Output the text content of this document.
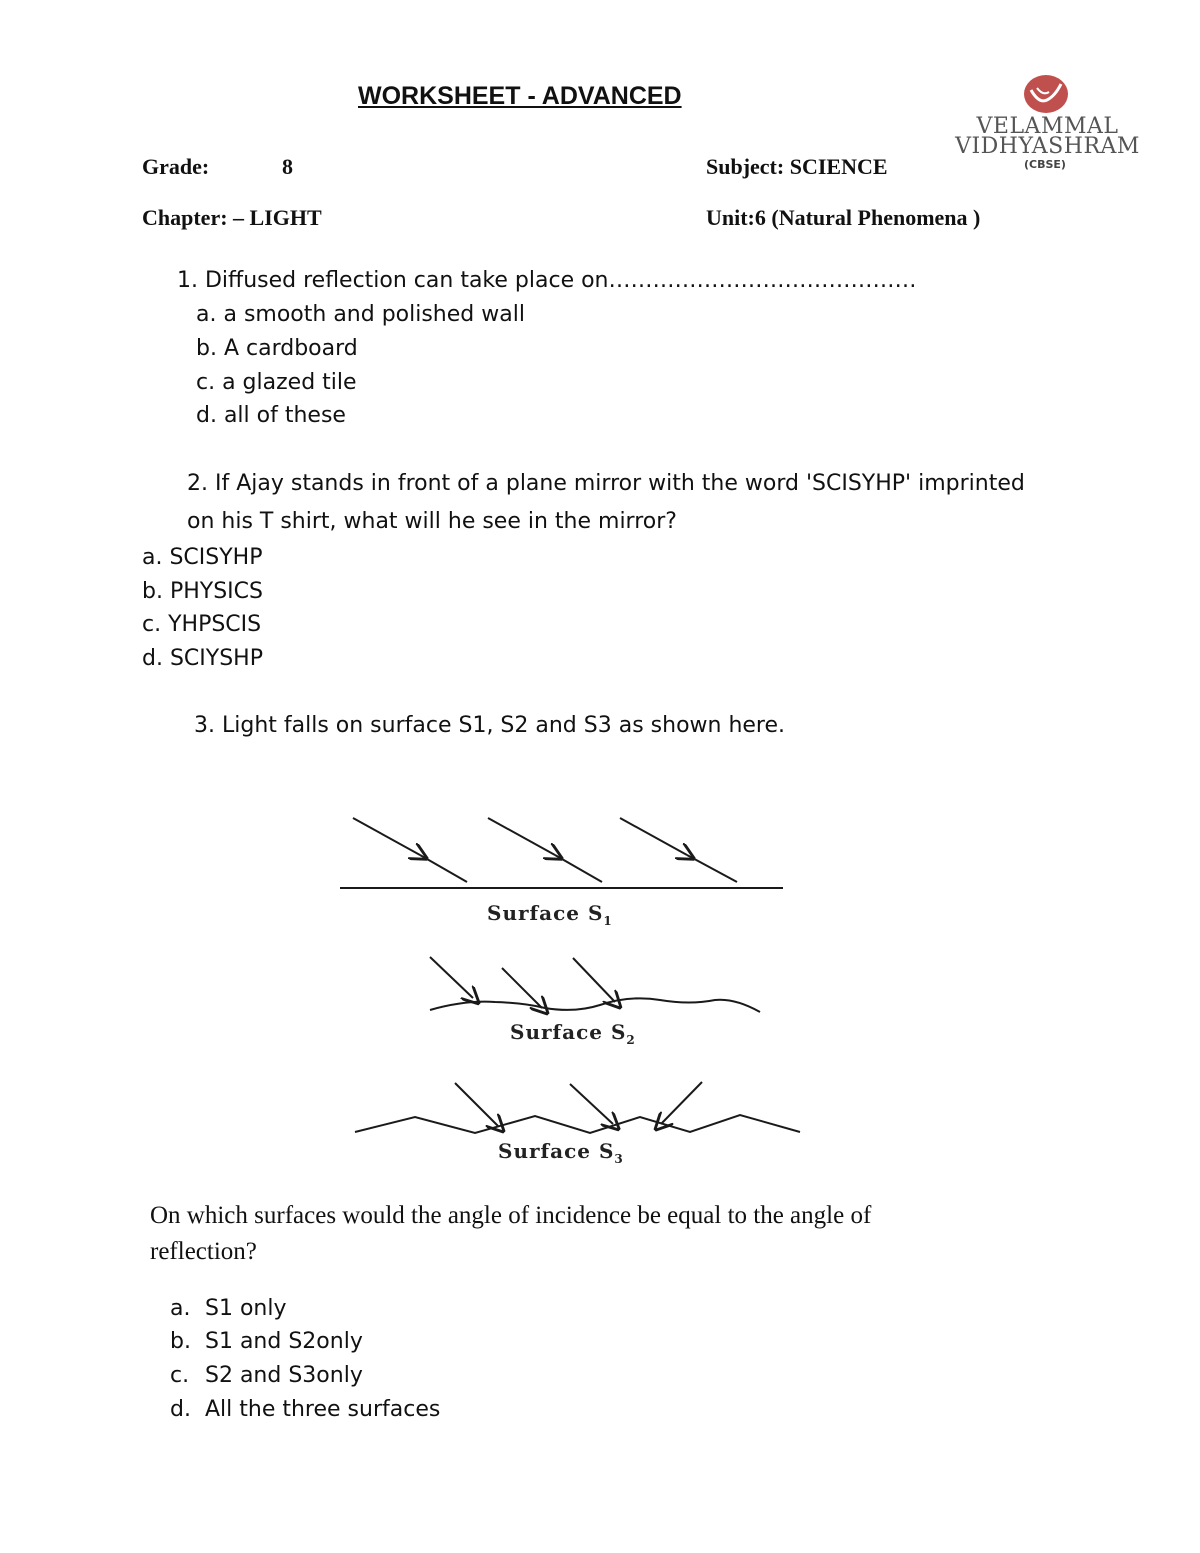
WORKSHEET - ADVANCED
VELAMMAL
VIDHYASHRAM
(CBSE)
Grade:	8	Subject: SCIENCE
Chapter: – LIGHT	Unit:6 (Natural Phenomena )
1. Diffused reflection can take place on……………………………………
a. a smooth and polished wall
b. A cardboard
c. a glazed tile
d. all of these
2. If Ajay stands in front of a plane mirror with the word 'SCISYHP' imprinted
on his T shirt, what will he see in the mirror?
a. SCISYHP
b. PHYSICS
c. YHPSCIS
d. SCIYSHP
3. Light falls on surface S1, S2 and S3 as shown here.
Surface $S_1$
Surface $S_2$
Surface $S_3$
On which surfaces would the angle of incidence be equal to the angle of reflection?
a. S1 only
b. S1 and S2only
c. S2 and S3only
d. All the three surfaces
